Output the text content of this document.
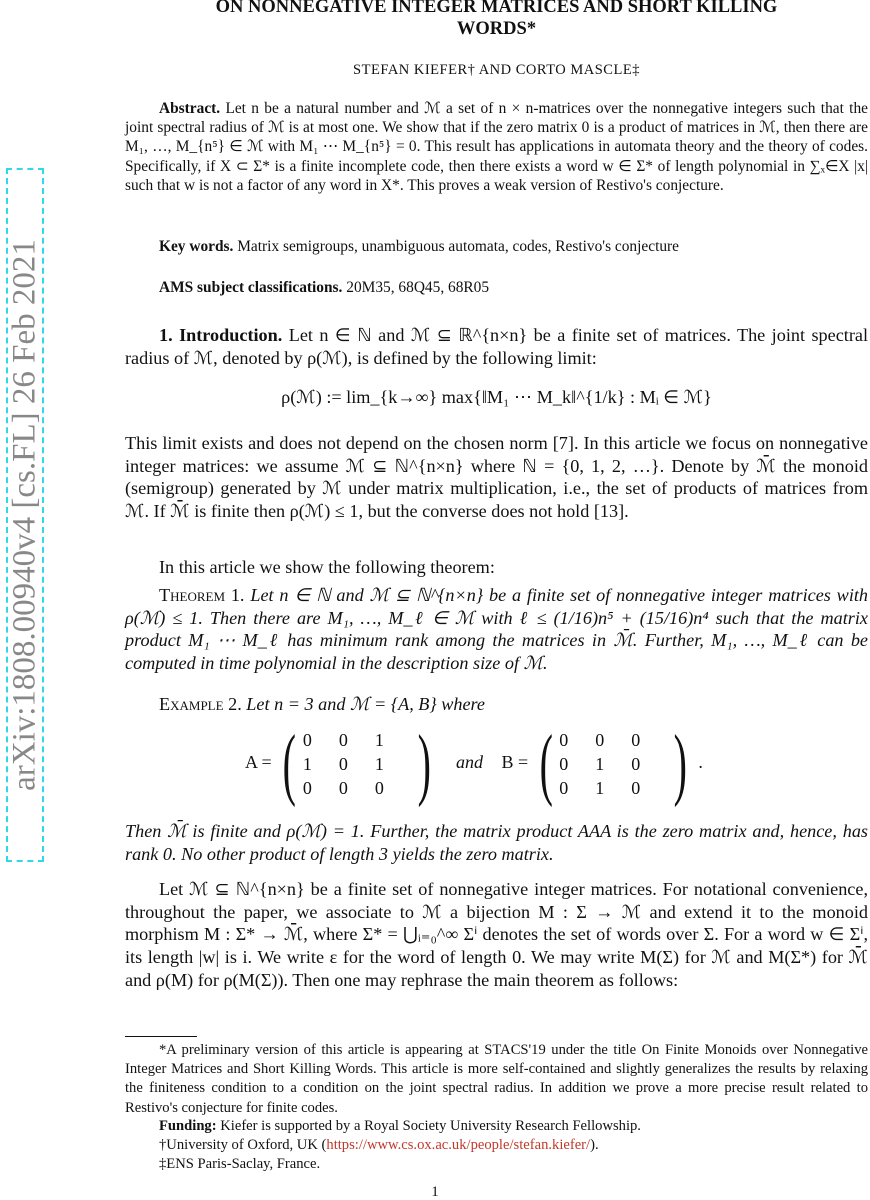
arXiv:1808.00940v4 [cs.FL] 26 Feb 2021
ON NONNEGATIVE INTEGER MATRICES AND SHORT KILLING
WORDS*
STEFAN KIEFER† AND CORTO MASCLE‡
Abstract. Let n be a natural number and ℳ a set of n × n-matrices over the nonnegative integers such that the joint spectral radius of ℳ is at most one. We show that if the zero matrix 0 is a product of matrices in ℳ, then there are M₁, …, M_{n⁵} ∈ ℳ with M₁ ⋯ M_{n⁵} = 0. This result has applications in automata theory and the theory of codes. Specifically, if X ⊂ Σ* is a finite incomplete code, then there exists a word w ∈ Σ* of length polynomial in ∑ₓ∈X |x| such that w is not a factor of any word in X*. This proves a weak version of Restivo's conjecture.
Key words. Matrix semigroups, unambiguous automata, codes, Restivo's conjecture
AMS subject classifications. 20M35, 68Q45, 68R05
1. Introduction. Let n ∈ ℕ and ℳ ⊆ ℝ^{n×n} be a finite set of matrices. The joint spectral radius of ℳ, denoted by ρ(ℳ), is defined by the following limit:
ρ(ℳ) := lim_{k→∞} max{‖M₁ ⋯ M_k‖^{1/k} : Mᵢ ∈ ℳ}
This limit exists and does not depend on the chosen norm [7]. In this article we focus on nonnegative integer matrices: we assume ℳ ⊆ ℕ^{n×n} where ℕ = {0, 1, 2, …}. Denote by ℳ̄ the monoid (semigroup) generated by ℳ under matrix multiplication, i.e., the set of products of matrices from ℳ. If ℳ̄ is finite then ρ(ℳ) ≤ 1, but the converse does not hold [13].
In this article we show the following theorem:
Theorem 1. Let n ∈ ℕ and ℳ ⊆ ℕ^{n×n} be a finite set of nonnegative integer matrices with ρ(ℳ) ≤ 1. Then there are M₁, …, M_ℓ ∈ ℳ with ℓ ≤ (1/16)n⁵ + (15/16)n⁴ such that the matrix product M₁ ⋯ M_ℓ has minimum rank among the matrices in ℳ̄. Further, M₁, …, M_ℓ can be computed in time polynomial in the description size of ℳ.
Example 2. Let n = 3 and ℳ = {A, B} where
A = ( 0	0	1
1	0	1
0	0	0 ) and B = ( 0	0	0
0	1	0
0	1	0 ) .
Then ℳ̄ is finite and ρ(ℳ) = 1. Further, the matrix product AAA is the zero matrix and, hence, has rank 0. No other product of length 3 yields the zero matrix.
Let ℳ ⊆ ℕ^{n×n} be a finite set of nonnegative integer matrices. For notational convenience, throughout the paper, we associate to ℳ a bijection M : Σ → ℳ and extend it to the monoid morphism M : Σ* → ℳ̄, where Σ* = ⋃ᵢ₌₀^∞ Σⁱ denotes the set of words over Σ. For a word w ∈ Σⁱ, its length |w| is i. We write ε for the word of length 0. We may write M(Σ) for ℳ and M(Σ*) for ℳ̄ and ρ(M) for ρ(M(Σ)). Then one may rephrase the main theorem as follows:
*A preliminary version of this article is appearing at STACS'19 under the title On Finite Monoids over Nonnegative Integer Matrices and Short Killing Words. This article is more self-contained and slightly generalizes the results by relaxing the finiteness condition to a condition on the joint spectral radius. In addition we prove a more precise result related to Restivo's conjecture for finite codes.
Funding: Kiefer is supported by a Royal Society University Research Fellowship.
†University of Oxford, UK (https://www.cs.ox.ac.uk/people/stefan.kiefer/).
‡ENS Paris-Saclay, France.
1
